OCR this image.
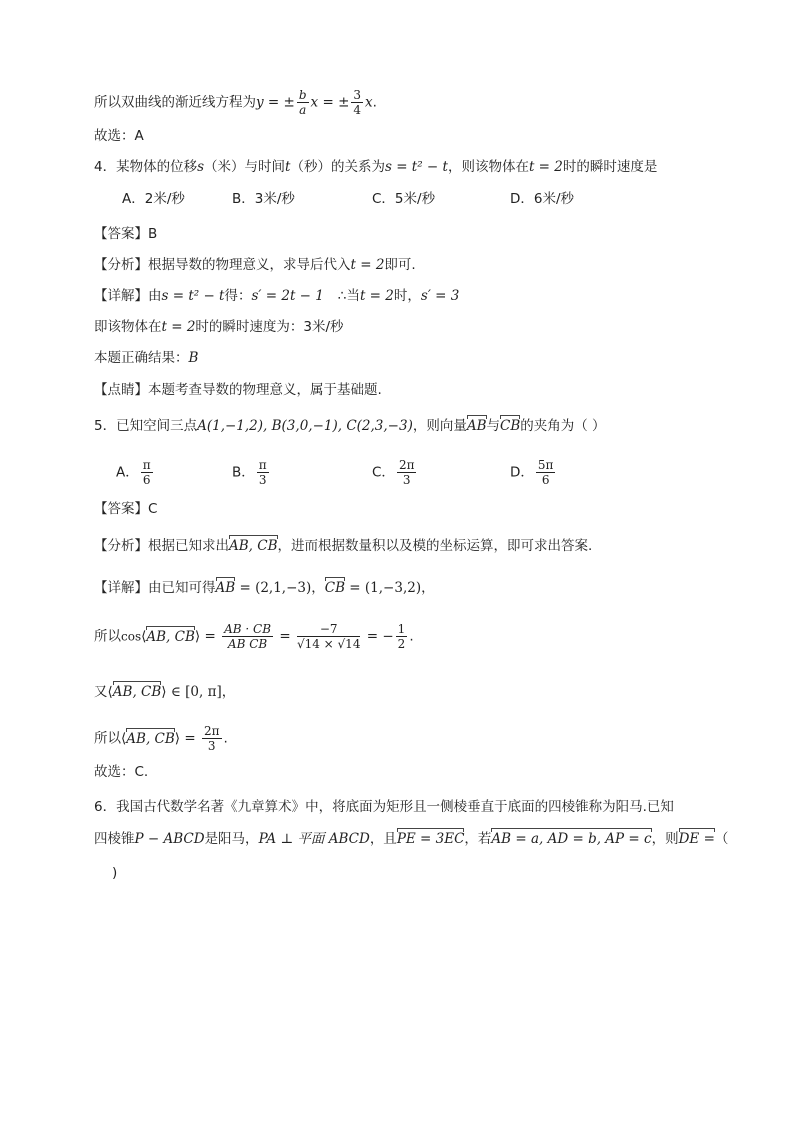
所以双曲线的渐近线方程为y = ± $\frac{b}{a}$ x = ± $\frac{3}{4} x$.
故选：A
4．某物体的位移s（米）与时间t（秒）的关系为s = t² − t，则该物体在t = 2时的瞬时速度是
A．2米/秒	B．3米/秒	C．5米/秒	D．6米/秒
【答案】B
【分析】根据导数的物理意义，求导后代入t = 2即可.
【详解】由s = t² − t得：s′ = 2t − 1 ∴当t = 2时，s′ = 3
即该物体在t = 2时的瞬时速度为：3米/秒
本题正确结果：B
【点睛】本题考查导数的物理意义，属于基础题.
5．已知空间三点A(1,−1,2), B(3,0,−1), C(2,3,−3)，则向量AB与CB的夹角为（ ）
A． $\frac{\pi}{6}$	B． $\frac{\pi}{3}$	C． $\frac{2\pi}{3}$	D． $\frac{5\pi}{6}$
【答案】C
【分析】根据已知求出AB, CB，进而根据数量积以及模的坐标运算，即可求出答案.
【详解】由已知可得AB = (2,1,−3)，CB = (1,−3,2)，
所以cos⟨AB, CB⟩ = $\frac{AB \cdot CB}{\text{AB CB}} = \frac{-7}{√14 \times √14}$ = − $\frac{1}{2}$ .
又⟨AB, CB⟩ ∈ [0, π]，
所以⟨AB, CB⟩ = $\frac{2\pi}{3}$ .
故选：C.
6．我国古代数学名著《九章算术》中，将底面为矩形且一侧棱垂直于底面的四棱锥称为阳马.已知
四棱锥P − ABCD是阳马，PA ⊥ 平面 ABCD，且PE = 3EC，若AB = a, AD = b, AP = c，则DE =（
)
